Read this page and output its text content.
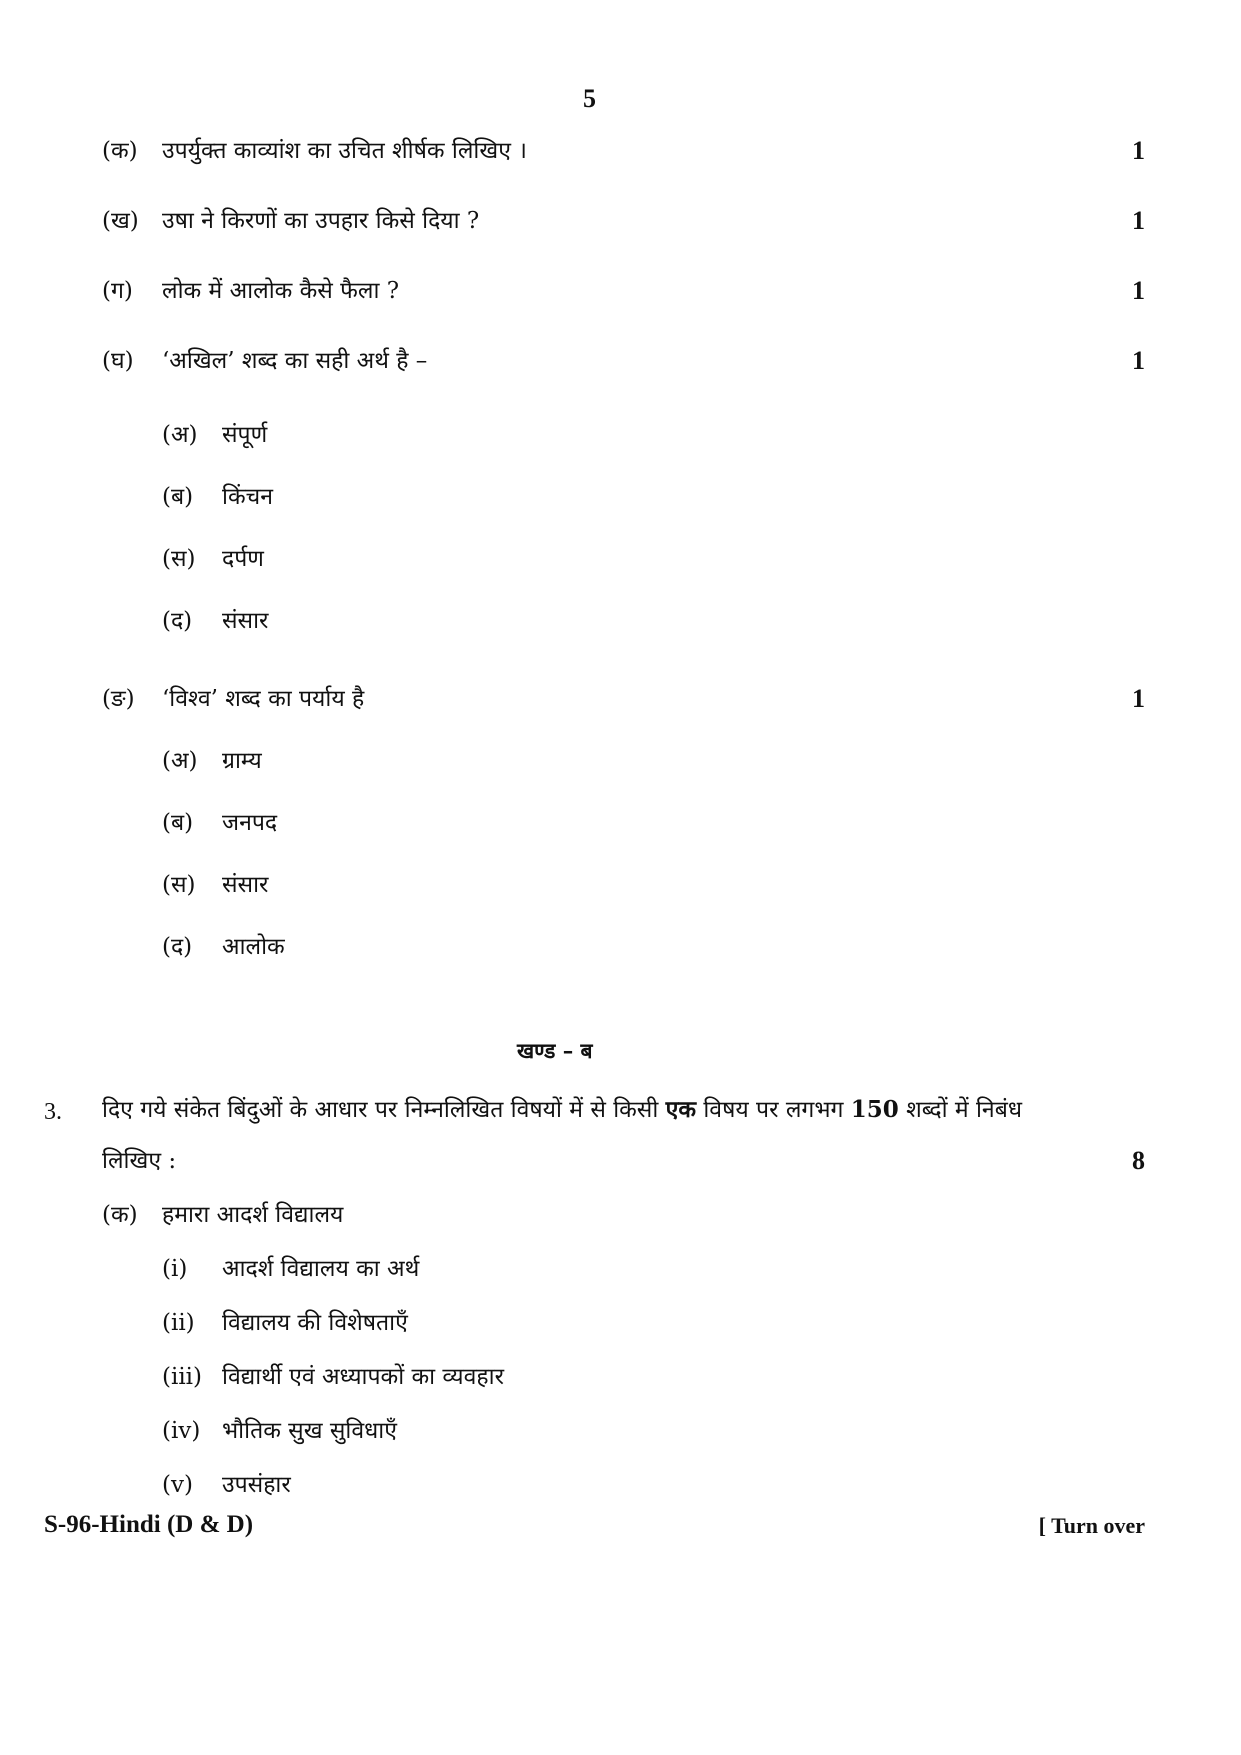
5
(क) उपर्युक्त काव्यांश का उचित शीर्षक लिखिए ।	1
(ख) उषा ने किरणों का उपहार किसे दिया ?	1
(ग) लोक में आलोक कैसे फैला ?	1
(घ) ‘अखिल’ शब्द का सही अर्थ है –	1
(अ) संपूर्ण
(ब) किंचन
(स) दर्पण
(द) संसार
(ङ) ‘विश्व’ शब्द का पर्याय है	1
(अ) ग्राम्य
(ब) जनपद
(स) संसार
(द) आलोक
खण्ड – ब
3. दिए गये संकेत बिंदुओं के आधार पर निम्नलिखित विषयों में से किसी एक विषय पर लगभग 150 शब्दों में निबंध
लिखिए :	8
(क) हमारा आदर्श विद्यालय
(i) आदर्श विद्यालय का अर्थ
(ii) विद्यालय की विशेषताएँ
(iii) विद्यार्थी एवं अध्यापकों का व्यवहार
(iv) भौतिक सुख सुविधाएँ
(v) उपसंहार
S-96-Hindi (D & D)	[ Turn over
